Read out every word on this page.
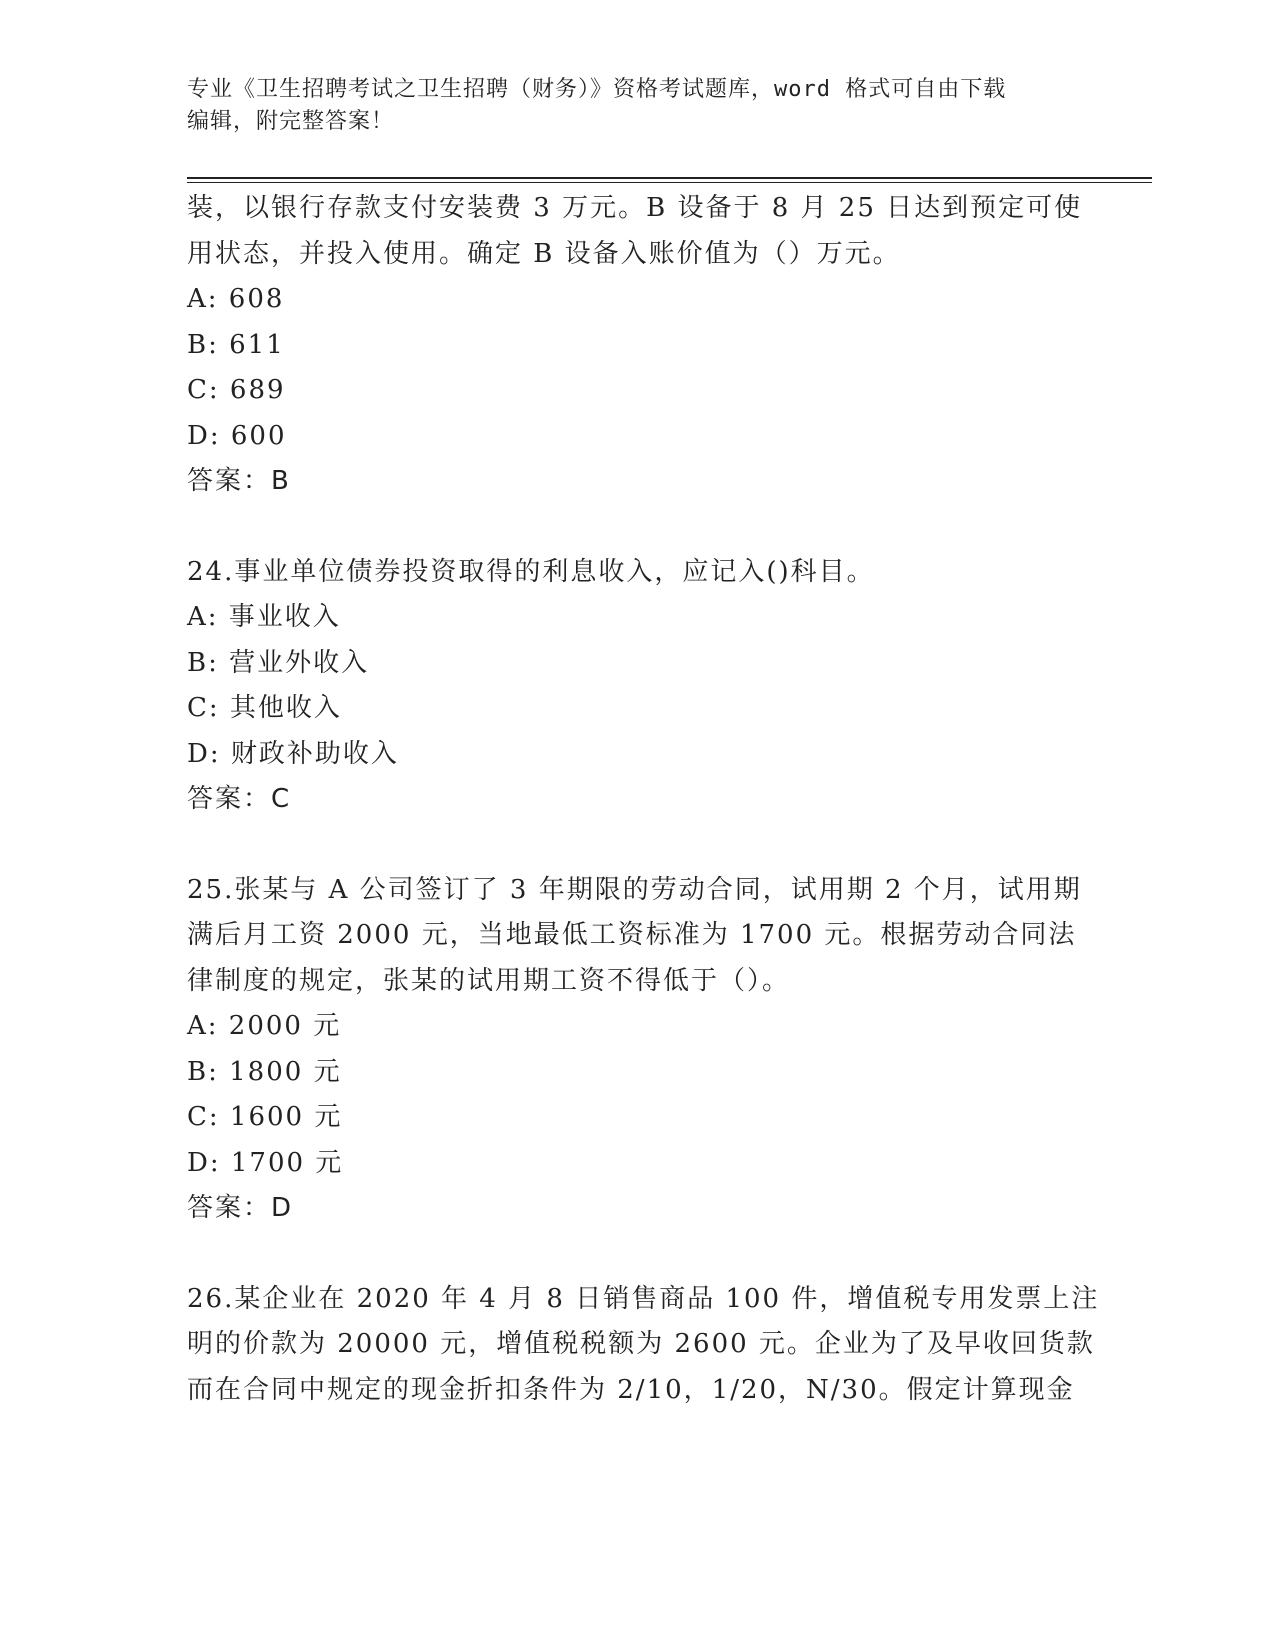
专业《卫生招聘考试之卫生招聘（财务）》资格考试题库，word 格式可自由下载
编辑，附完整答案！
装，以银行存款支付安装费 3 万元。B 设备于 8 月 25 日达到预定可使
用状态，并投入使用。确定 B 设备入账价值为（）万元。
A: 608
B: 611
C: 689
D: 600
答案：B
24.事业单位债券投资取得的利息收入，应记入()科目。
A: 事业收入
B: 营业外收入
C: 其他收入
D: 财政补助收入
答案：C
25.张某与 A 公司签订了 3 年期限的劳动合同，试用期 2 个月，试用期
满后月工资 2000 元，当地最低工资标准为 1700 元。根据劳动合同法
律制度的规定，张某的试用期工资不得低于（）。
A: 2000 元
B: 1800 元
C: 1600 元
D: 1700 元
答案：D
26.某企业在 2020 年 4 月 8 日销售商品 100 件，增值税专用发票上注
明的价款为 20000 元，增值税税额为 2600 元。企业为了及早收回货款
而在合同中规定的现金折扣条件为 2/10，1/20，N/30。假定计算现金
